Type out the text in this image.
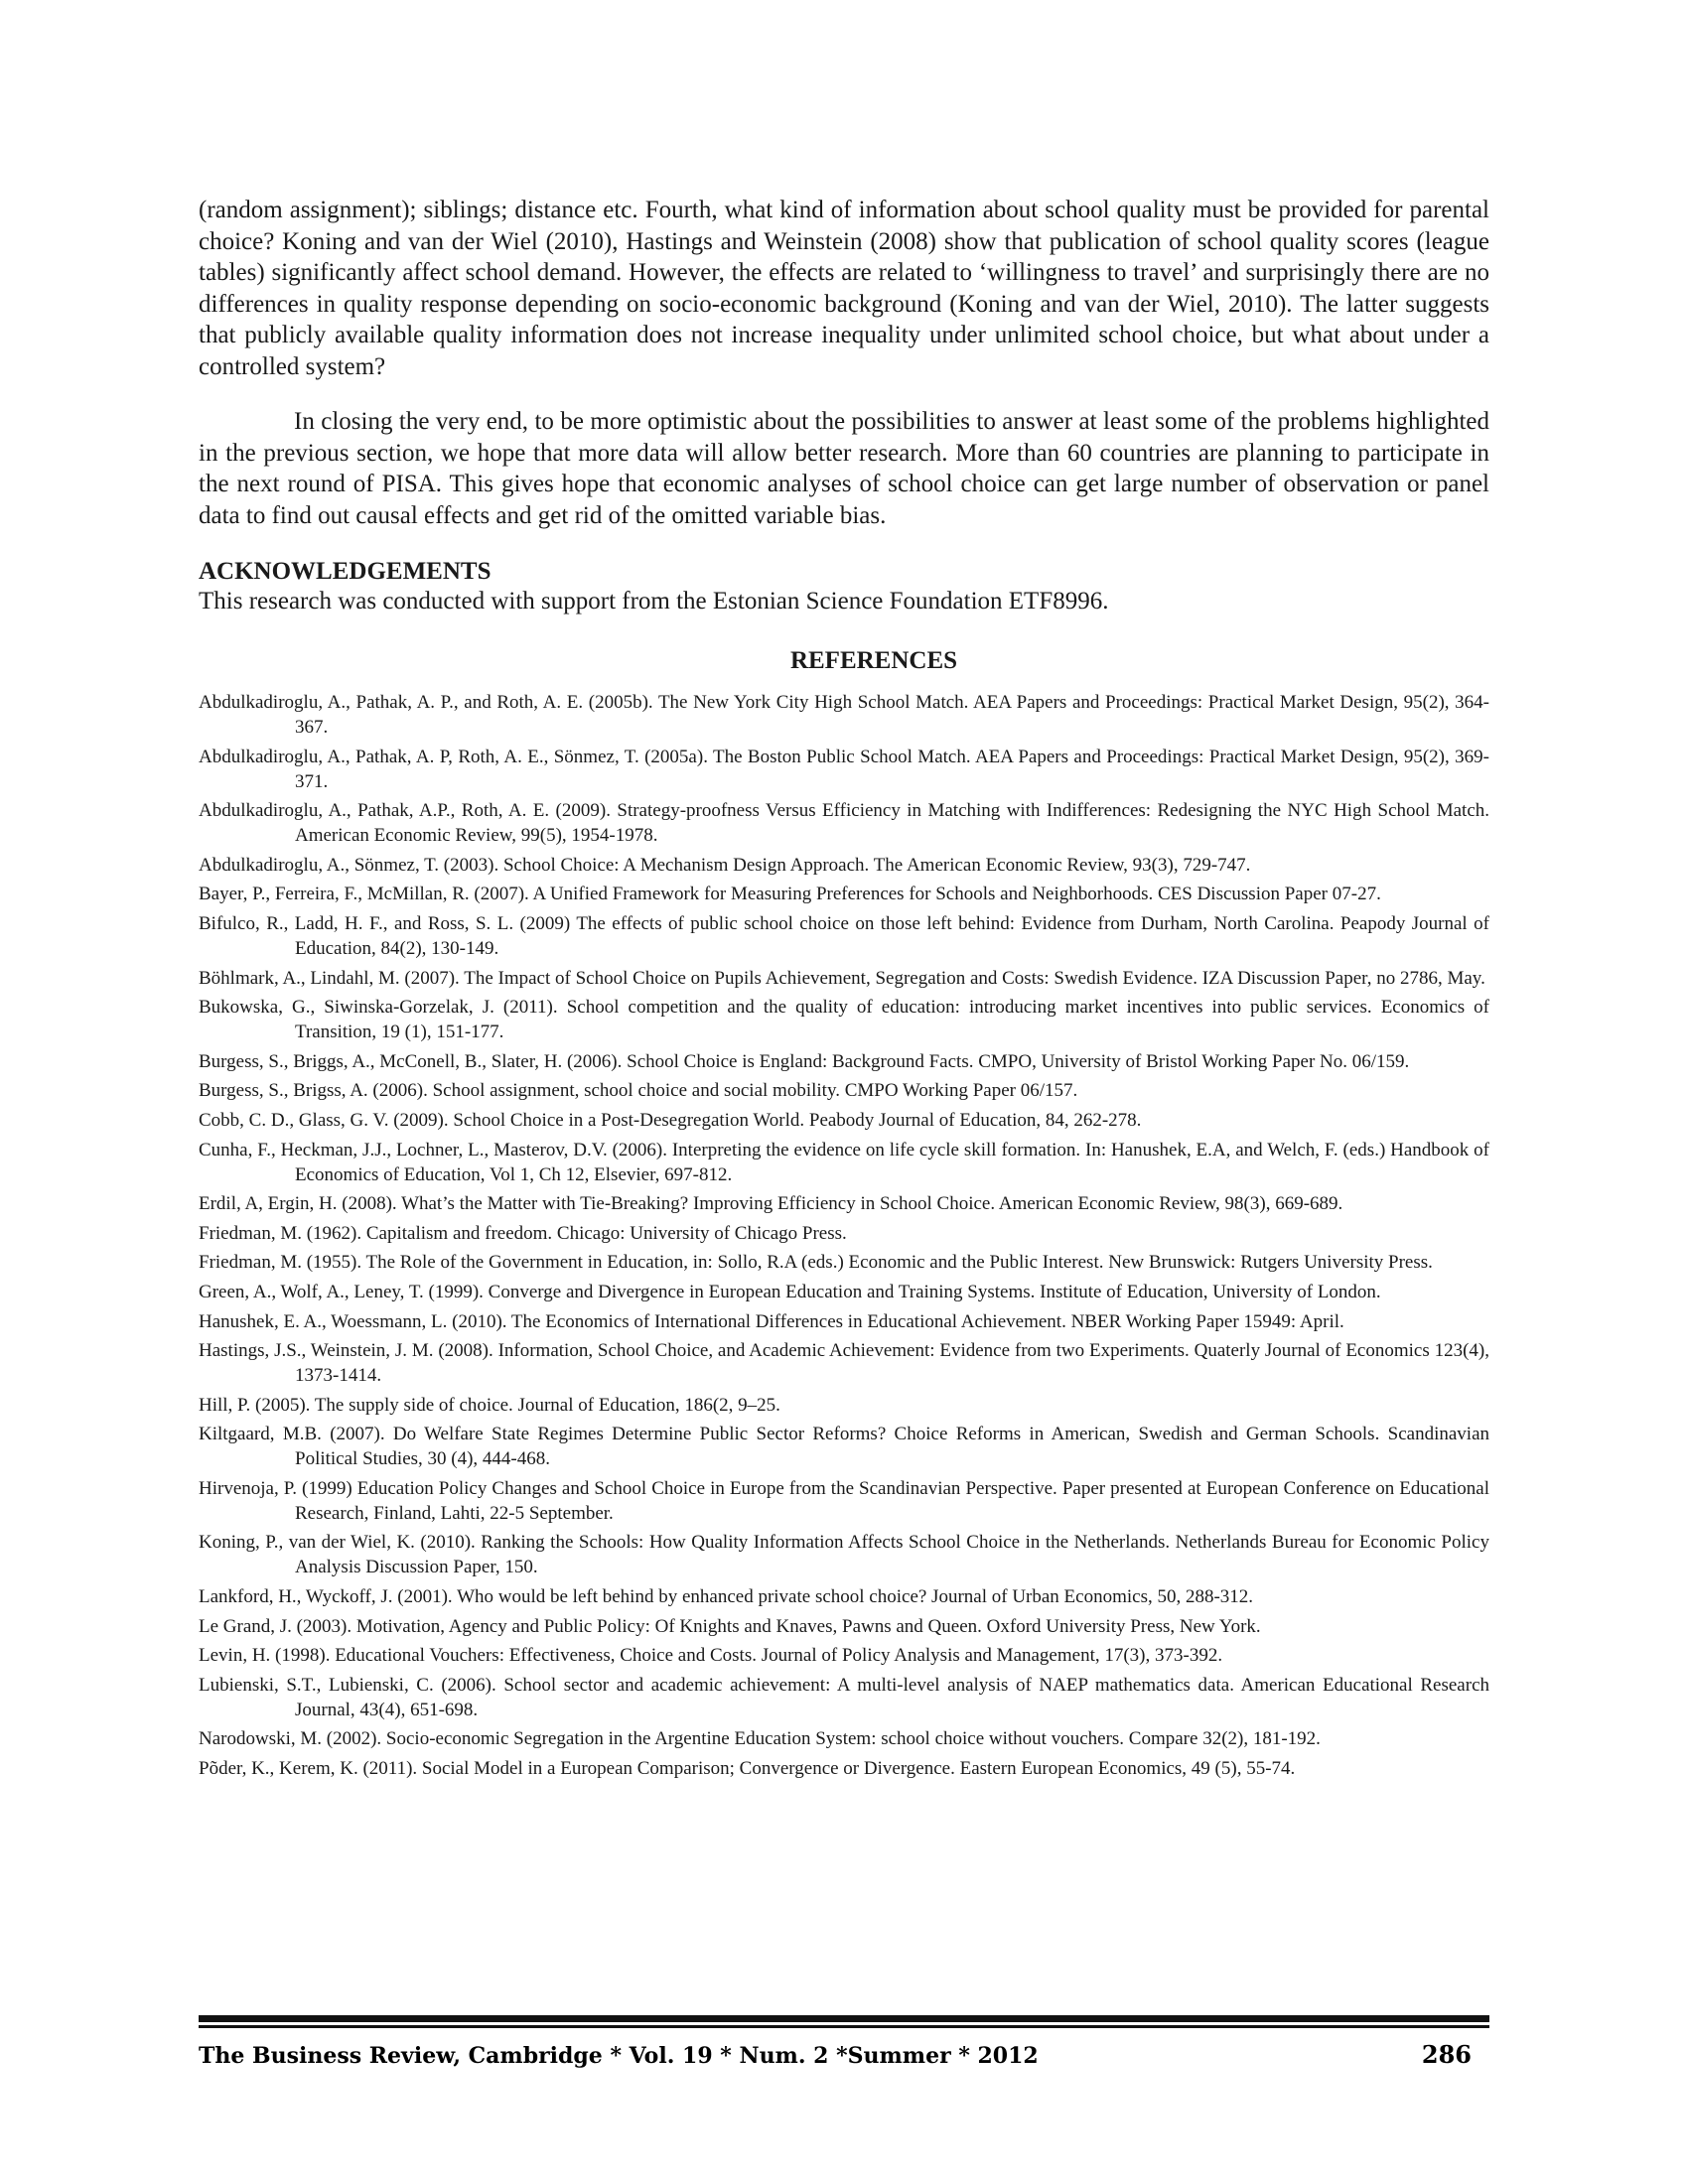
(random assignment); siblings; distance etc. Fourth, what kind of information about school quality must be provided for parental choice? Koning and van der Wiel (2010), Hastings and Weinstein (2008) show that publication of school quality scores (league tables) significantly affect school demand. However, the effects are related to ‘willingness to travel’ and surprisingly there are no differences in quality response depending on socio-economic background (Koning and van der Wiel, 2010). The latter suggests that publicly available quality information does not increase inequality under unlimited school choice, but what about under a controlled system?

In closing the very end, to be more optimistic about the possibilities to answer at least some of the problems highlighted in the previous section, we hope that more data will allow better research. More than 60 countries are planning to participate in the next round of PISA. This gives hope that economic analyses of school choice can get large number of observation or panel data to find out causal effects and get rid of the omitted variable bias.

ACKNOWLEDGEMENTS

This research was conducted with support from the Estonian Science Foundation ETF8996.

REFERENCES
Abdulkadiroglu, A., Pathak, A. P., and Roth, A. E. (2005b). The New York City High School Match. AEA Papers and Proceedings: Practical Market Design, 95(2), 364-367.
Abdulkadiroglu, A., Pathak, A. P, Roth, A. E., Sönmez, T. (2005a). The Boston Public School Match. AEA Papers and Proceedings: Practical Market Design, 95(2), 369-371.
Abdulkadiroglu, A., Pathak, A.P., Roth, A. E. (2009). Strategy-proofness Versus Efficiency in Matching with Indifferences: Redesigning the NYC High School Match. American Economic Review, 99(5), 1954-1978.
Abdulkadiroglu, A., Sönmez, T. (2003). School Choice: A Mechanism Design Approach. The American Economic Review, 93(3), 729-747.
Bayer, P., Ferreira, F., McMillan, R. (2007). A Unified Framework for Measuring Preferences for Schools and Neighborhoods. CES Discussion Paper 07-27.
Bifulco, R., Ladd, H. F., and Ross, S. L. (2009) The effects of public school choice on those left behind: Evidence from Durham, North Carolina. Peapody Journal of Education, 84(2), 130-149.
Böhlmark, A., Lindahl, M. (2007). The Impact of School Choice on Pupils Achievement, Segregation and Costs: Swedish Evidence. IZA Discussion Paper, no 2786, May.
Bukowska, G., Siwinska-Gorzelak, J. (2011). School competition and the quality of education: introducing market incentives into public services. Economics of Transition, 19 (1), 151-177.
Burgess, S., Briggs, A., McConell, B., Slater, H. (2006). School Choice is England: Background Facts. CMPO, University of Bristol Working Paper No. 06/159.
Burgess, S., Brigss, A. (2006). School assignment, school choice and social mobility. CMPO Working Paper 06/157.
Cobb, C. D., Glass, G. V. (2009). School Choice in a Post-Desegregation World. Peabody Journal of Education, 84, 262-278.
Cunha, F., Heckman, J.J., Lochner, L., Masterov, D.V. (2006). Interpreting the evidence on life cycle skill formation. In: Hanushek, E.A, and Welch, F. (eds.) Handbook of Economics of Education, Vol 1, Ch 12, Elsevier, 697-812.
Erdil, A, Ergin, H. (2008). What’s the Matter with Tie-Breaking? Improving Efficiency in School Choice. American Economic Review, 98(3), 669-689.
Friedman, M. (1962). Capitalism and freedom. Chicago: University of Chicago Press.
Friedman, M. (1955). The Role of the Government in Education, in: Sollo, R.A (eds.) Economic and the Public Interest. New Brunswick: Rutgers University Press.
Green, A., Wolf, A., Leney, T. (1999). Converge and Divergence in European Education and Training Systems. Institute of Education, University of London.
Hanushek, E. A., Woessmann, L. (2010). The Economics of International Differences in Educational Achievement. NBER Working Paper 15949: April.
Hastings, J.S., Weinstein, J. M. (2008). Information, School Choice, and Academic Achievement: Evidence from two Experiments. Quaterly Journal of Economics 123(4), 1373-1414.
Hill, P. (2005). The supply side of choice. Journal of Education, 186(2, 9–25.
Kiltgaard, M.B. (2007). Do Welfare State Regimes Determine Public Sector Reforms? Choice Reforms in American, Swedish and German Schools. Scandinavian Political Studies, 30 (4), 444-468.
Hirvenoja, P. (1999) Education Policy Changes and School Choice in Europe from the Scandinavian Perspective. Paper presented at European Conference on Educational Research, Finland, Lahti, 22-5 September.
Koning, P., van der Wiel, K. (2010). Ranking the Schools: How Quality Information Affects School Choice in the Netherlands. Netherlands Bureau for Economic Policy Analysis Discussion Paper, 150.
Lankford, H., Wyckoff, J. (2001). Who would be left behind by enhanced private school choice? Journal of Urban Economics, 50, 288-312.
Le Grand, J. (2003). Motivation, Agency and Public Policy: Of Knights and Knaves, Pawns and Queen. Oxford University Press, New York.
Levin, H. (1998). Educational Vouchers: Effectiveness, Choice and Costs. Journal of Policy Analysis and Management, 17(3), 373-392.
Lubienski, S.T., Lubienski, C. (2006). School sector and academic achievement: A multi-level analysis of NAEP mathematics data. American Educational Research Journal, 43(4), 651-698.
Narodowski, M. (2002). Socio-economic Segregation in the Argentine Education System: school choice without vouchers. Compare 32(2), 181-192.
Põder, K., Kerem, K. (2011). Social Model in a European Comparison; Convergence or Divergence. Eastern European Economics, 49 (5), 55-74.
The Business Review, Cambridge * Vol. 19 * Num. 2 *Summer * 2012	286
